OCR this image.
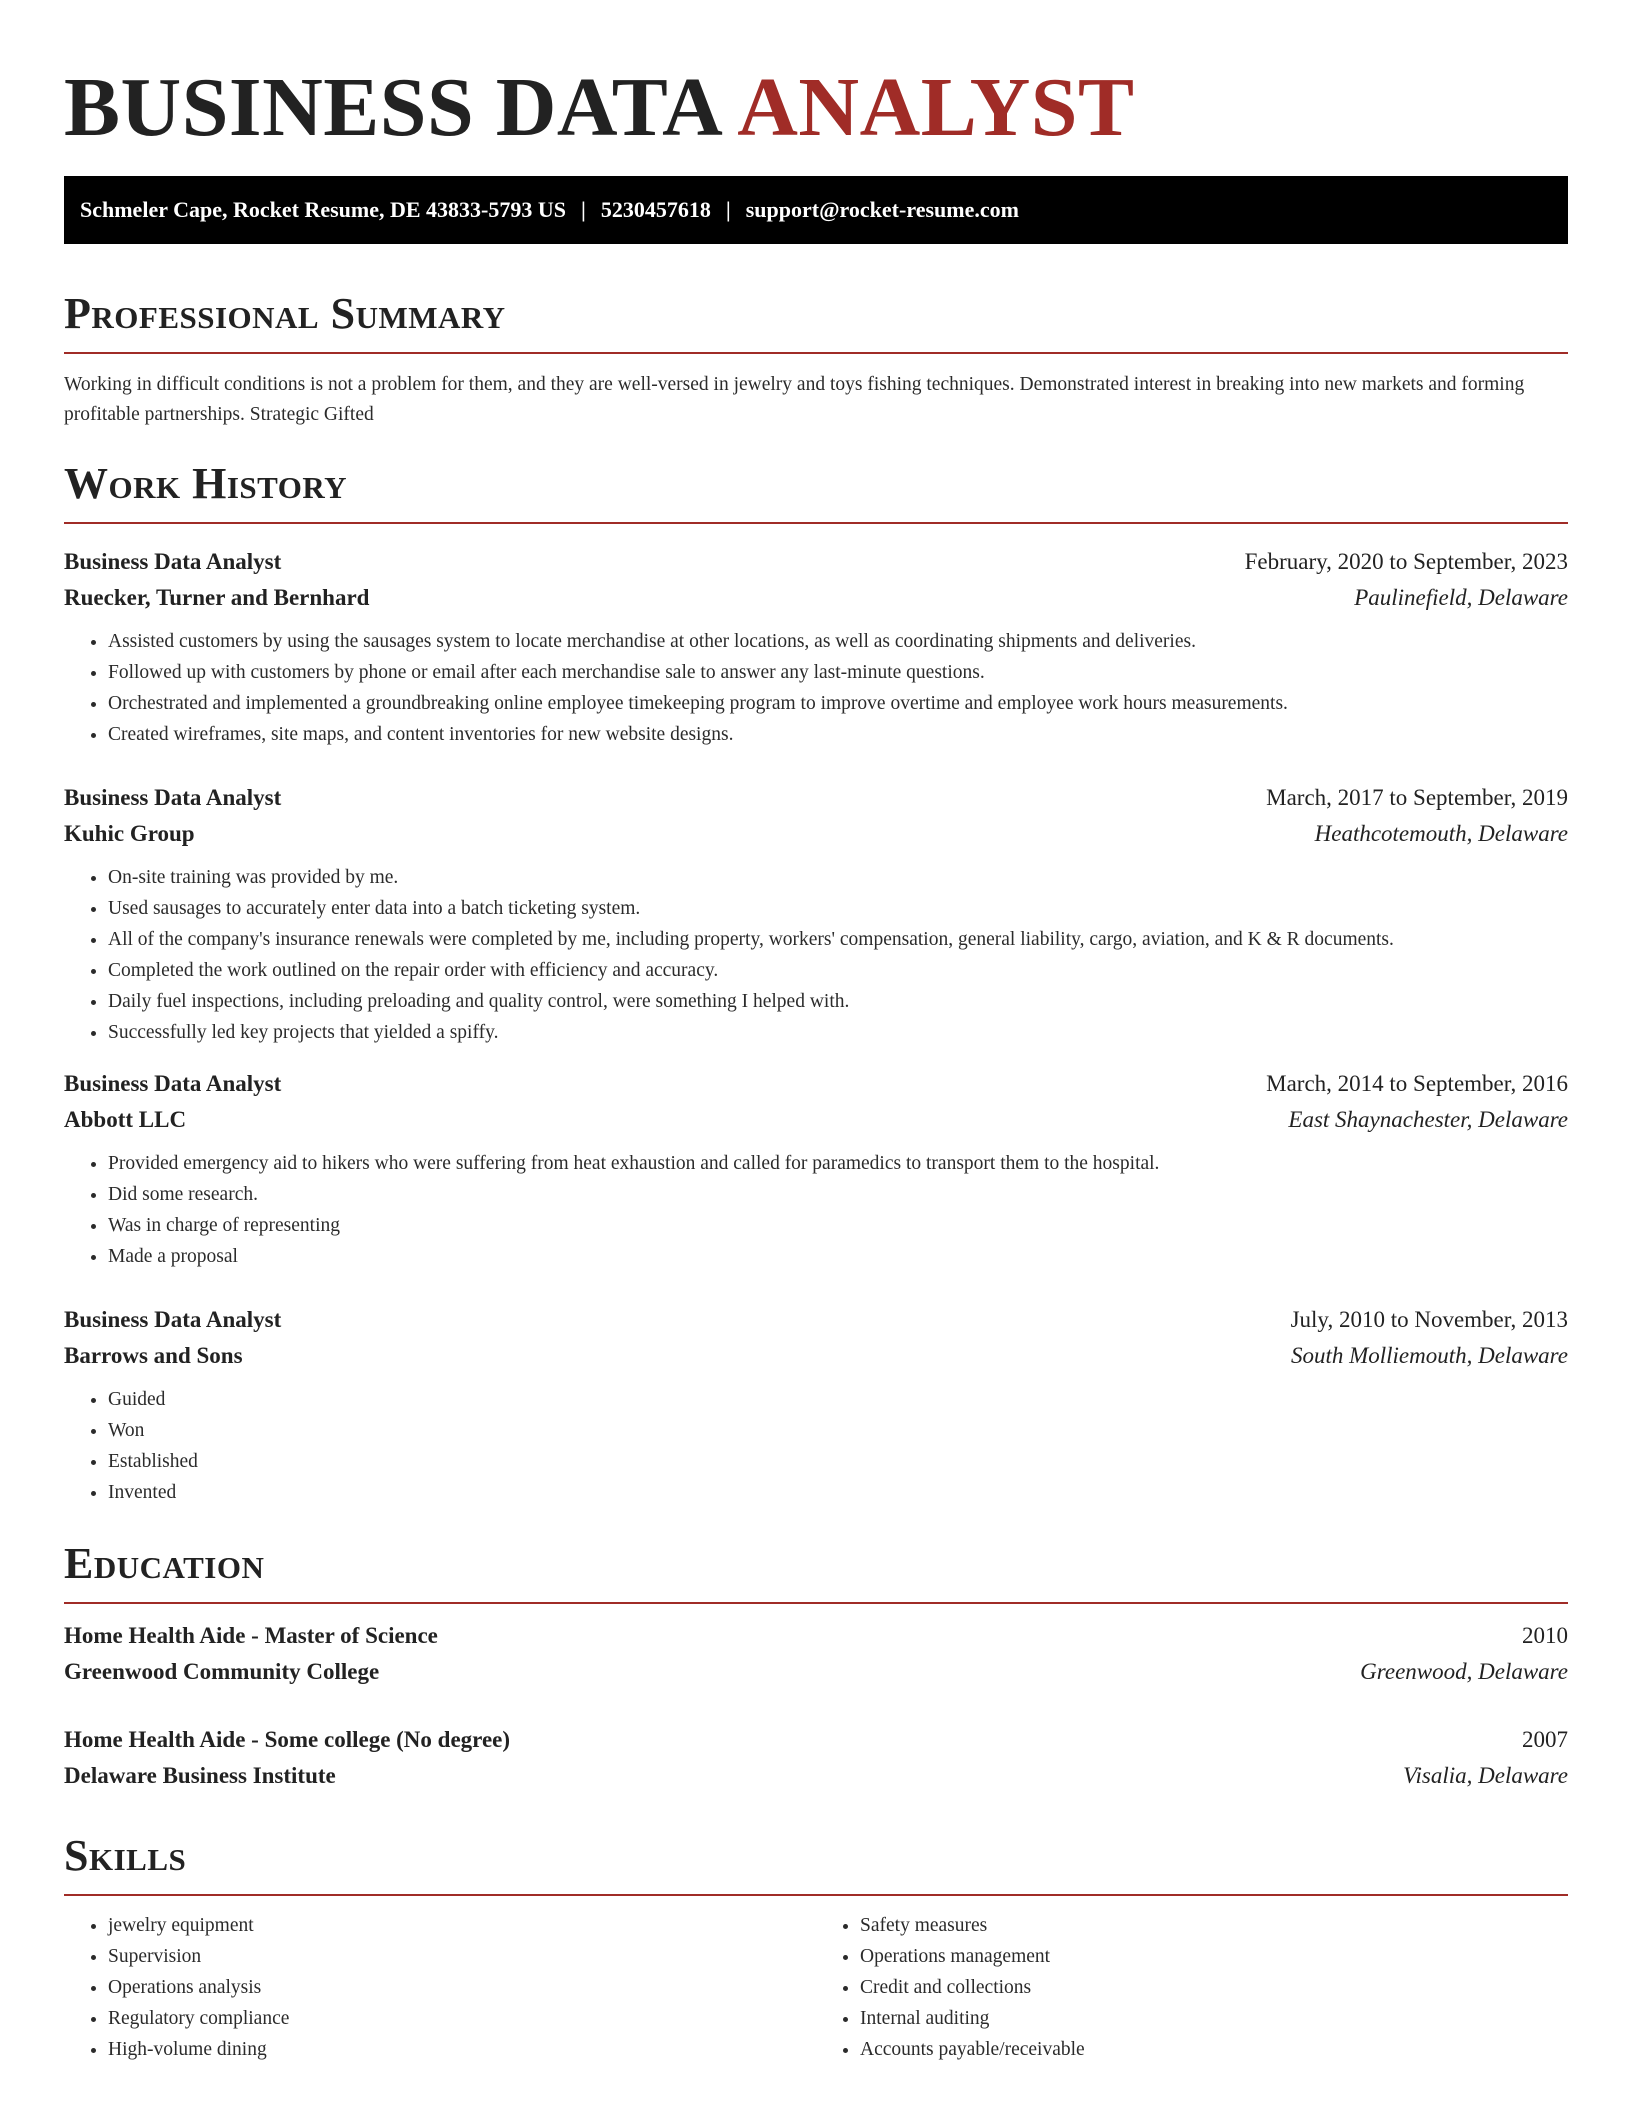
BUSINESS DATA ANALYST
Schmeler Cape, Rocket Resume, DE 43833-5793 US | 5230457618 | support@rocket-resume.com
Professional Summary

Working in difficult conditions is not a problem for them, and they are well-versed in jewelry and toys fishing techniques. Demonstrated interest in breaking into new markets and forming profitable partnerships. Strategic Gifted

Work History
Business Data Analyst	February, 2020 to September, 2023
Ruecker, Turner and Bernhard	Paulinefield, Delaware
• Assisted customers by using the sausages system to locate merchandise at other locations, as well as coordinating shipments and deliveries.
• Followed up with customers by phone or email after each merchandise sale to answer any last-minute questions.
• Orchestrated and implemented a groundbreaking online employee timekeeping program to improve overtime and employee work hours measurements.
• Created wireframes, site maps, and content inventories for new website designs.
Business Data Analyst	March, 2017 to September, 2019
Kuhic Group	Heathcotemouth, Delaware
• On-site training was provided by me.
• Used sausages to accurately enter data into a batch ticketing system.
• All of the company's insurance renewals were completed by me, including property, workers' compensation, general liability, cargo, aviation, and K & R documents.
• Completed the work outlined on the repair order with efficiency and accuracy.
• Daily fuel inspections, including preloading and quality control, were something I helped with.
• Successfully led key projects that yielded a spiffy.
Business Data Analyst	March, 2014 to September, 2016
Abbott LLC	East Shaynachester, Delaware
• Provided emergency aid to hikers who were suffering from heat exhaustion and called for paramedics to transport them to the hospital.
• Did some research.
• Was in charge of representing
• Made a proposal
Business Data Analyst	July, 2010 to November, 2013
Barrows and Sons	South Molliemouth, Delaware
• Guided
• Won
• Established
• Invented
Education
Home Health Aide - Master of Science	2010
Greenwood Community College	Greenwood, Delaware
Home Health Aide - Some college (No degree)	2007
Delaware Business Institute	Visalia, Delaware
Skills
• jewelry equipment
• Supervision
• Operations analysis
• Regulatory compliance
• High-volume dining
• Safety measures
• Operations management
• Credit and collections
• Internal auditing
• Accounts payable/receivable
